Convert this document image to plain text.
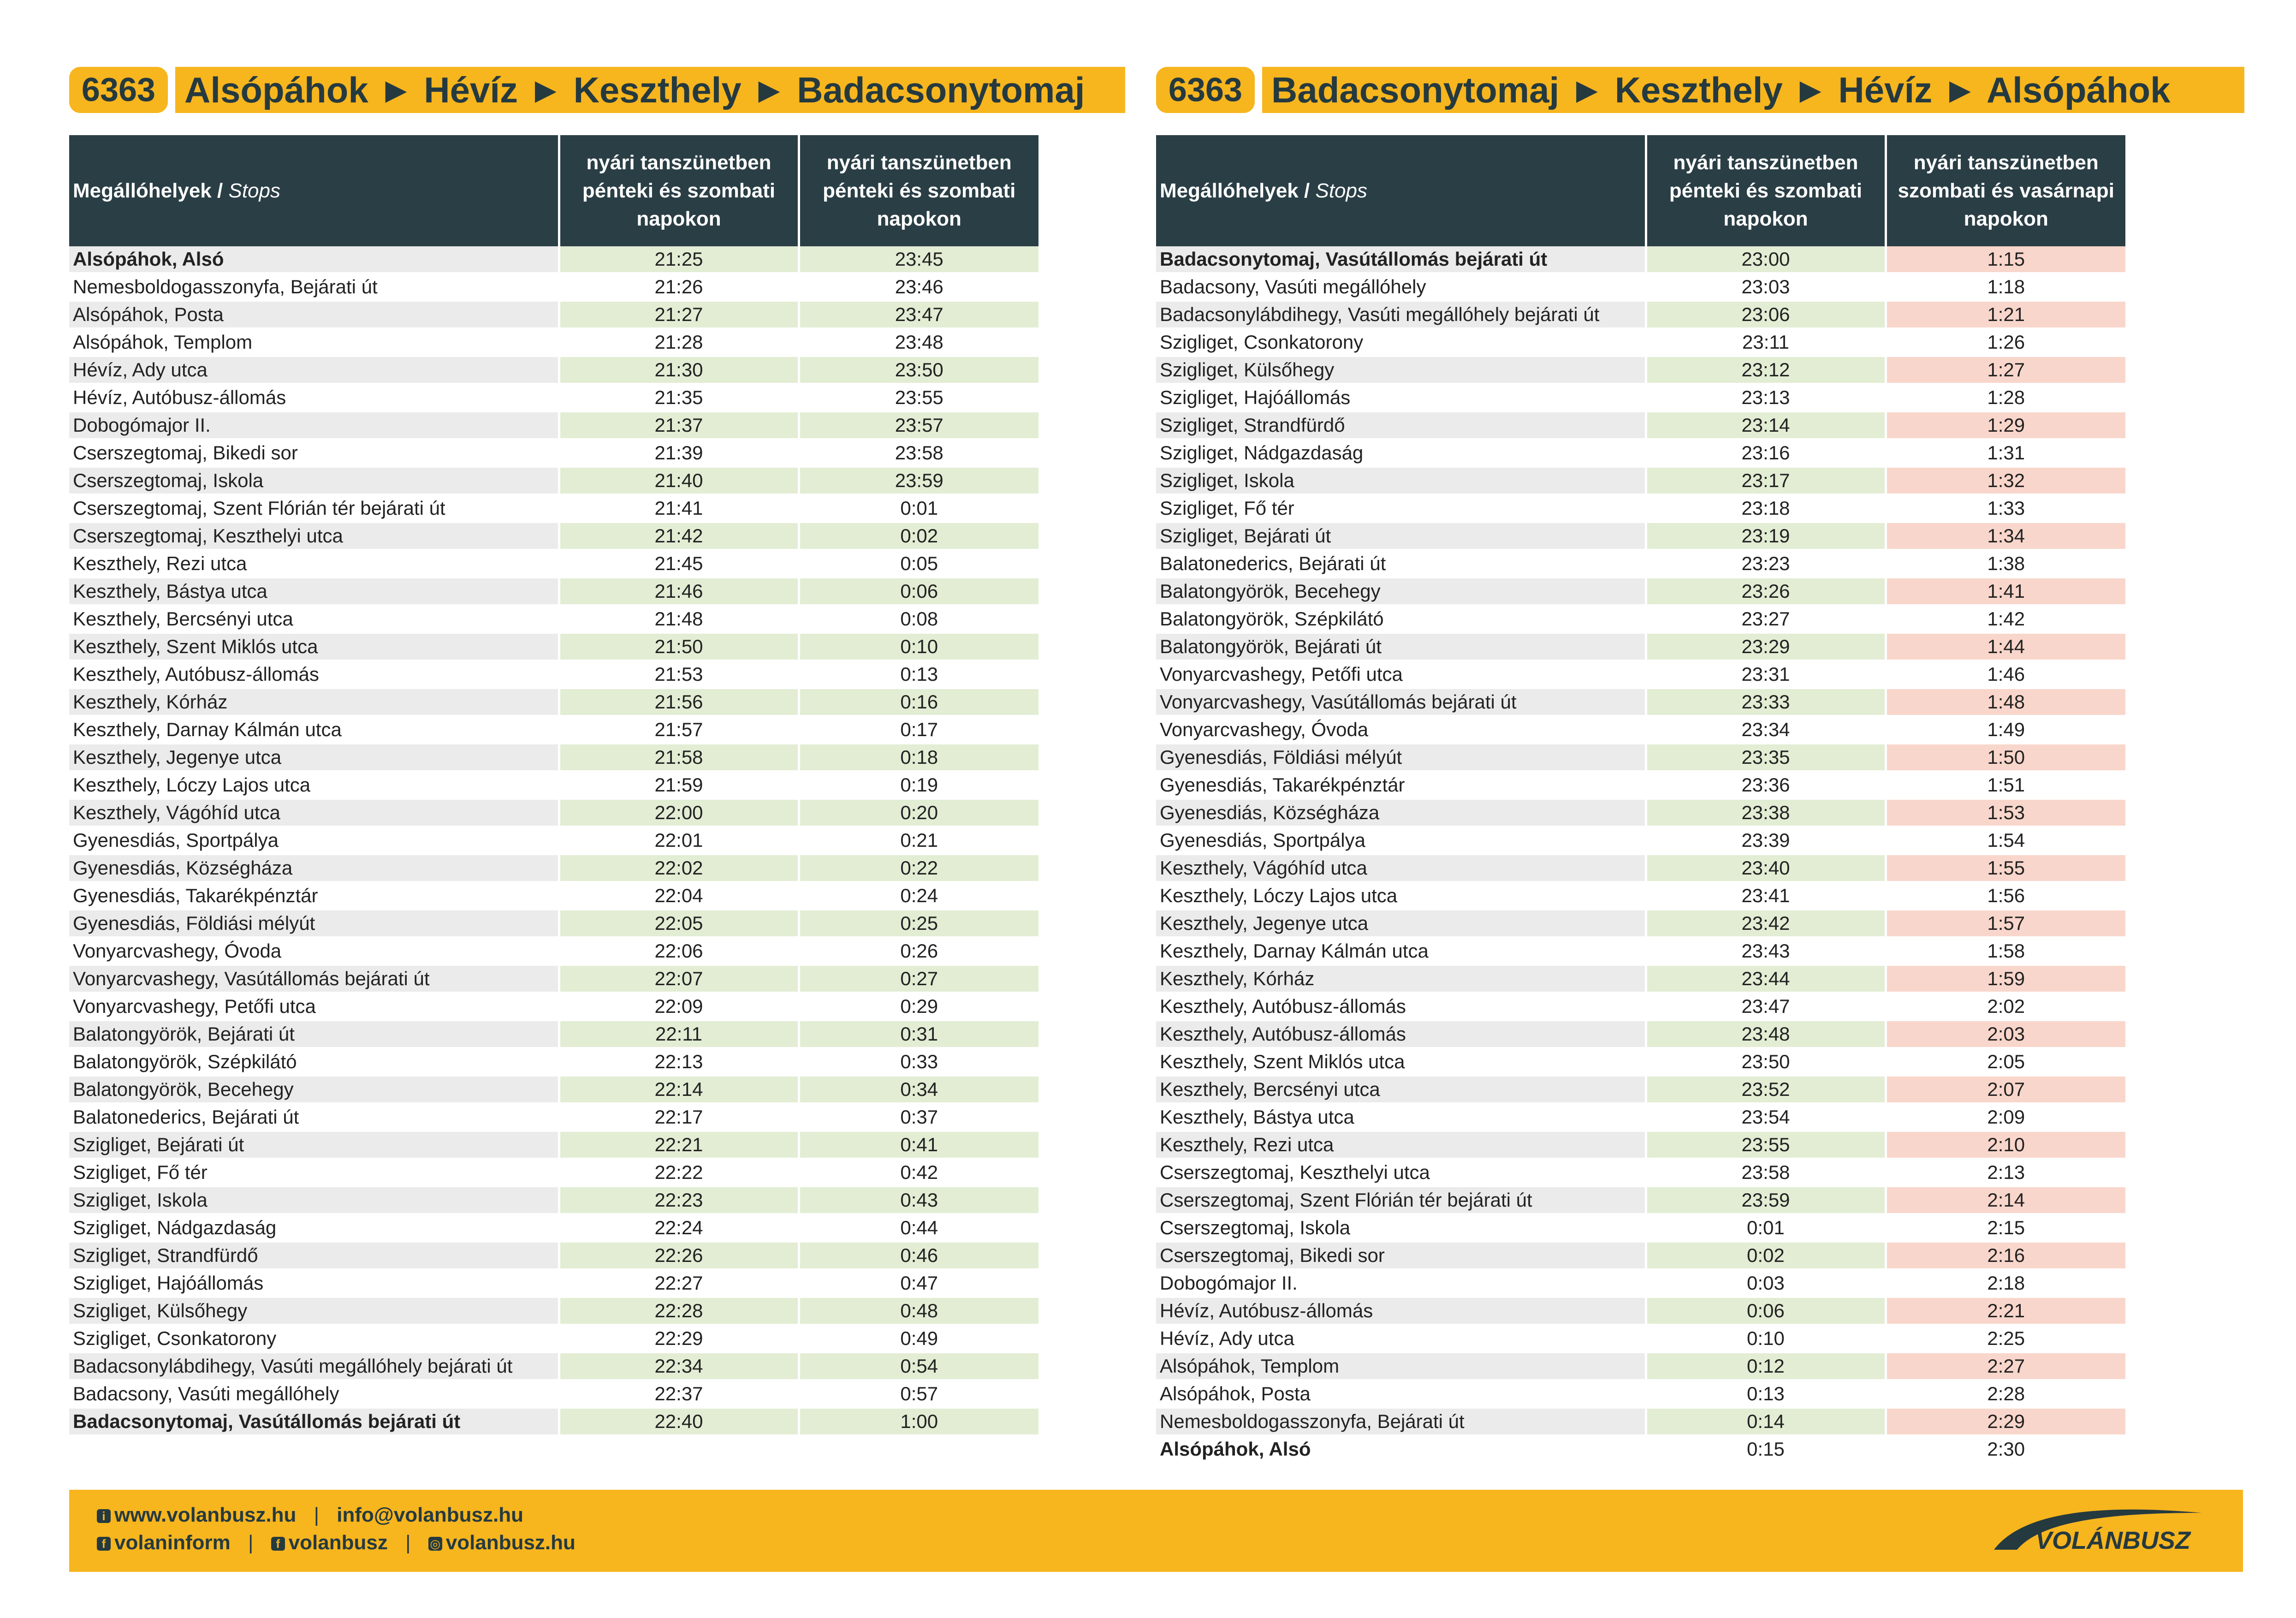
6363 Alsópáhok ► Hévíz ► Keszthely ► Badacsonytomaj
Megállóhelyek / Stops	nyári tanszünetben pénteki és szombati napokon	nyári tanszünetben pénteki és szombati napokon
Alsópáhok, Alsó	21:25	23:45
Nemesboldogasszonyfa, Bejárati út	21:26	23:46
Alsópáhok, Posta	21:27	23:47
Alsópáhok, Templom	21:28	23:48
Hévíz, Ady utca	21:30	23:50
Hévíz, Autóbusz-állomás	21:35	23:55
Dobogómajor II.	21:37	23:57
Cserszegtomaj, Bikedi sor	21:39	23:58
Cserszegtomaj, Iskola	21:40	23:59
Cserszegtomaj, Szent Flórián tér bejárati út	21:41	0:01
Cserszegtomaj, Keszthelyi utca	21:42	0:02
Keszthely, Rezi utca	21:45	0:05
Keszthely, Bástya utca	21:46	0:06
Keszthely, Bercsényi utca	21:48	0:08
Keszthely, Szent Miklós utca	21:50	0:10
Keszthely, Autóbusz-állomás	21:53	0:13
Keszthely, Kórház	21:56	0:16
Keszthely, Darnay Kálmán utca	21:57	0:17
Keszthely, Jegenye utca	21:58	0:18
Keszthely, Lóczy Lajos utca	21:59	0:19
Keszthely, Vágóhíd utca	22:00	0:20
Gyenesdiás, Sportpálya	22:01	0:21
Gyenesdiás, Községháza	22:02	0:22
Gyenesdiás, Takarékpénztár	22:04	0:24
Gyenesdiás, Földiási mélyút	22:05	0:25
Vonyarcvashegy, Óvoda	22:06	0:26
Vonyarcvashegy, Vasútállomás bejárati út	22:07	0:27
Vonyarcvashegy, Petőfi utca	22:09	0:29
Balatongyörök, Bejárati út	22:11	0:31
Balatongyörök, Szépkilátó	22:13	0:33
Balatongyörök, Becehegy	22:14	0:34
Balatonederics, Bejárati út	22:17	0:37
Szigliget, Bejárati út	22:21	0:41
Szigliget, Fő tér	22:22	0:42
Szigliget, Iskola	22:23	0:43
Szigliget, Nádgazdaság	22:24	0:44
Szigliget, Strandfürdő	22:26	0:46
Szigliget, Hajóállomás	22:27	0:47
Szigliget, Külsőhegy	22:28	0:48
Szigliget, Csonkatorony	22:29	0:49
Badacsonylábdihegy, Vasúti megállóhely bejárati út	22:34	0:54
Badacsony, Vasúti megállóhely	22:37	0:57
Badacsonytomaj, Vasútállomás bejárati út	22:40	1:00
6363 Badacsonytomaj ► Keszthely ► Hévíz ► Alsópáhok
Megállóhelyek / Stops	nyári tanszünetben pénteki és szombati napokon	nyári tanszünetben szombati és vasárnapi napokon
Badacsonytomaj, Vasútállomás bejárati út	23:00	1:15
Badacsony, Vasúti megállóhely	23:03	1:18
Badacsonylábdihegy, Vasúti megállóhely bejárati út	23:06	1:21
Szigliget, Csonkatorony	23:11	1:26
Szigliget, Külsőhegy	23:12	1:27
Szigliget, Hajóállomás	23:13	1:28
Szigliget, Strandfürdő	23:14	1:29
Szigliget, Nádgazdaság	23:16	1:31
Szigliget, Iskola	23:17	1:32
Szigliget, Fő tér	23:18	1:33
Szigliget, Bejárati út	23:19	1:34
Balatonederics, Bejárati út	23:23	1:38
Balatongyörök, Becehegy	23:26	1:41
Balatongyörök, Szépkilátó	23:27	1:42
Balatongyörök, Bejárati út	23:29	1:44
Vonyarcvashegy, Petőfi utca	23:31	1:46
Vonyarcvashegy, Vasútállomás bejárati út	23:33	1:48
Vonyarcvashegy, Óvoda	23:34	1:49
Gyenesdiás, Földiási mélyút	23:35	1:50
Gyenesdiás, Takarékpénztár	23:36	1:51
Gyenesdiás, Községháza	23:38	1:53
Gyenesdiás, Sportpálya	23:39	1:54
Keszthely, Vágóhíd utca	23:40	1:55
Keszthely, Lóczy Lajos utca	23:41	1:56
Keszthely, Jegenye utca	23:42	1:57
Keszthely, Darnay Kálmán utca	23:43	1:58
Keszthely, Kórház	23:44	1:59
Keszthely, Autóbusz-állomás	23:47	2:02
Keszthely, Autóbusz-állomás	23:48	2:03
Keszthely, Szent Miklós utca	23:50	2:05
Keszthely, Bercsényi utca	23:52	2:07
Keszthely, Bástya utca	23:54	2:09
Keszthely, Rezi utca	23:55	2:10
Cserszegtomaj, Keszthelyi utca	23:58	2:13
Cserszegtomaj, Szent Flórián tér bejárati út	23:59	2:14
Cserszegtomaj, Iskola	0:01	2:15
Cserszegtomaj, Bikedi sor	0:02	2:16
Dobogómajor II.	0:03	2:18
Hévíz, Autóbusz-állomás	0:06	2:21
Hévíz, Ady utca	0:10	2:25
Alsópáhok, Templom	0:12	2:27
Alsópáhok, Posta	0:13	2:28
Nemesboldogasszonyfa, Bejárati út	0:14	2:29
Alsópáhok, Alsó	0:15	2:30
i www.volanbusz.hu | info@volanbusz.hu
f volaninform | f volanbusz | ◎ volanbusz.hu	VOLÁNBUSZ
